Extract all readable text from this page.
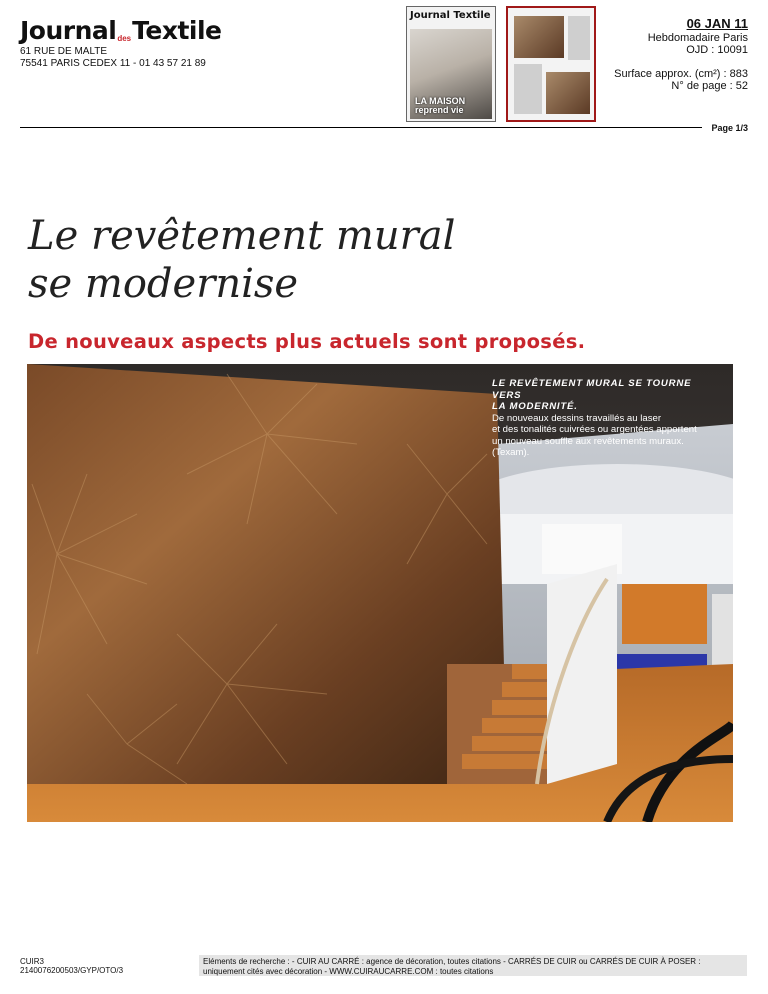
JournaldesTextile
61 RUE DE MALTE
75541 PARIS CEDEX 11 - 01 43 57 21 89
Journal Textile
LA MAISON
reprend vie
06 JAN 11
Hebdomadaire Paris
OJD : 10091
Surface approx. (cm²) : 883
N° de page : 52
Page 1/3
Le revêtement mural
se modernise
De nouveaux aspects plus actuels sont proposés.
LE REVÊTEMENT MURAL SE TOURNE VERS
LA MODERNITÉ.
De nouveaux dessins travaillés au laser
et des tonalités cuivrées ou argentées apportent
un nouveau souffle aux revêtements muraux. (Texam).
CUIR3
2140076200503/GYP/OTO/3
Eléments de recherche : - CUIR AU CARRÉ : agence de décoration, toutes citations - CARRÉS DE CUIR ou CARRÉS DE CUIR À POSER :
uniquement cités avec décoration - WWW.CUIRAUCARRE.COM : toutes citations
